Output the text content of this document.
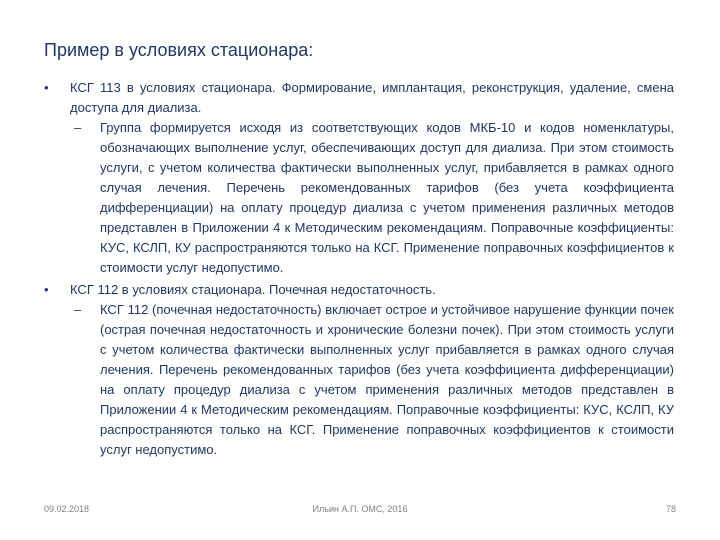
Пример в условиях стационара:
•	КСГ 113 в условиях стационара. Формирование, имплантация, реконструкция, удаление, смена доступа для диализа.
–	Группа формируется исходя из соответствующих кодов МКБ-10 и кодов номенклатуры, обозначающих выполнение услуг, обеспечивающих доступ для диализа. При этом стоимость услуги, с учетом количества фактически выполненных услуг, прибавляется в рамках одного случая лечения. Перечень рекомендованных тарифов (без учета коэффициента дифференциации) на оплату процедур диализа с учетом применения различных методов представлен в Приложении 4 к Методическим рекомендациям. Поправочные коэффициенты: КУС, КСЛП, КУ распространяются только на КСГ. Применение поправочных коэффициентов к стоимости услуг недопустимо.
•	КСГ 112 в условиях стационара. Почечная недостаточность.
–	КСГ 112 (почечная недостаточность) включает острое и устойчивое нарушение функции почек (острая почечная недостаточность и хронические болезни почек). При этом стоимость услуги с учетом количества фактически выполненных услуг прибавляется в рамках одного случая лечения. Перечень рекомендованных тарифов (без учета коэффициента дифференциации) на оплату процедур диализа с учетом применения различных методов представлен в Приложении 4 к Методическим рекомендациям. Поправочные коэффициенты: КУС, КСЛП, КУ распространяются только на КСГ. Применение поправочных коэффициентов к стоимости услуг недопустимо.
09.02.2018	Ильин А.П. ОМС, 2016	78
